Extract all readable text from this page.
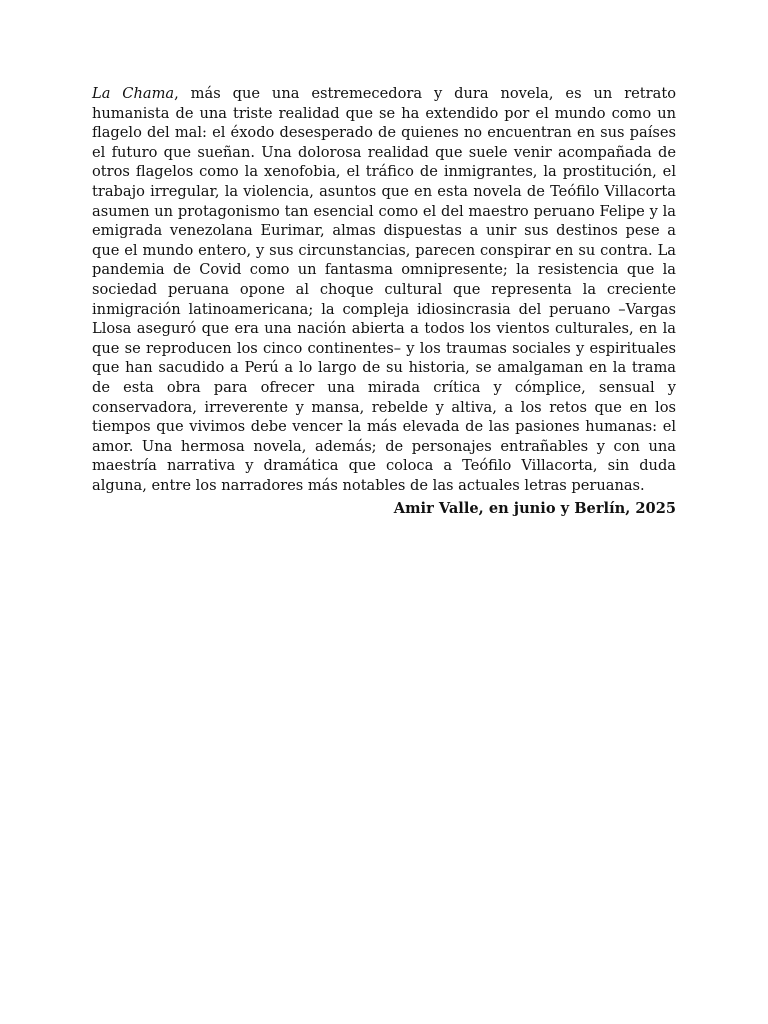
La Chama, más que una estremecedora y dura novela, es un retrato humanista de una triste realidad que se ha extendido por el mundo como un flagelo del mal: el éxodo desesperado de quienes no encuentran en sus países el futuro que sueñan. Una dolorosa realidad que suele venir acompañada de otros flagelos como la xenofobia, el tráfico de inmigrantes, la prostitución, el trabajo irregular, la violencia, asuntos que en esta novela de Teófilo Villacorta asumen un protagonismo tan esencial como el del maestro peruano Felipe y la emigrada venezolana Eurimar, almas dispuestas a unir sus destinos pese a que el mundo entero, y sus circunstancias, parecen conspirar en su contra. La pandemia de Covid como un fantasma omnipresente; la resistencia que la sociedad peruana opone al choque cultural que representa la creciente inmigración latinoamericana; la compleja idiosincrasia del peruano –Vargas Llosa aseguró que era una nación abierta a todos los vientos culturales, en la que se reproducen los cinco continentes– y los traumas sociales y espirituales que han sacudido a Perú a lo largo de su historia, se amalgaman en la trama de esta obra para ofrecer una mirada crítica y cómplice, sensual y conservadora, irreverente y mansa, rebelde y altiva, a los retos que en los tiempos que vivimos debe vencer la más elevada de las pasiones humanas: el amor. Una hermosa novela, además; de personajes entrañables y con una maestría narrativa y dramática que coloca a Teófilo Villacorta, sin duda alguna, entre los narradores más notables de las actuales letras peruanas.

Amir Valle, en junio y Berlín, 2025
